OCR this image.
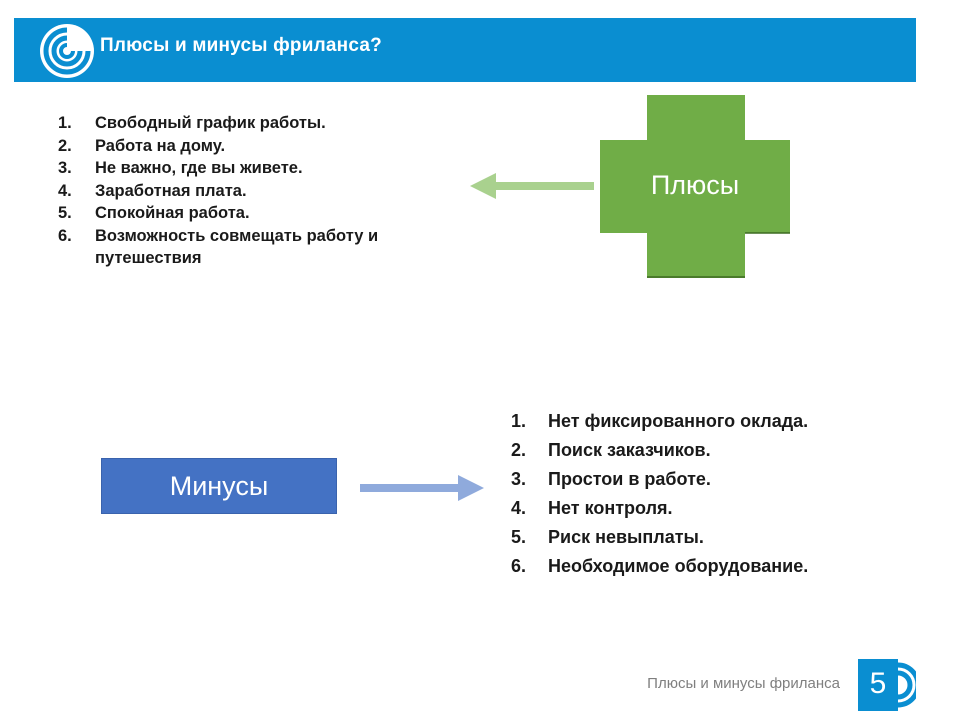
Плюсы и минусы фриланса?
1.	Свободный график работы.
2.	Работа на дому.
3.	Не важно, где вы живете.
4.	Заработная плата.
5.	Спокойная работа.
6.	Возможность совмещать работу и путешествия
Плюсы
Минусы
1.	Нет фиксированного оклада.
2.	Поиск заказчиков.
3.	Простои в работе.
4.	Нет контроля.
5.	Риск невыплаты.
6.	Необходимое оборудование.
Плюсы и минусы фриланса 5
